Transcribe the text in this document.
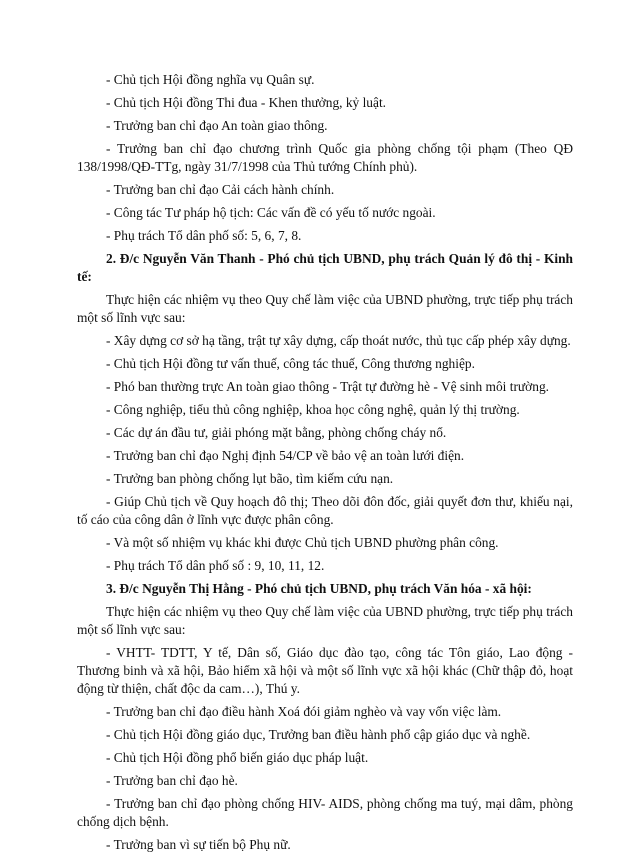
- Chủ tịch Hội đồng nghĩa vụ Quân sự.

- Chủ tịch Hội đồng Thi đua - Khen thưởng, kỷ luật.

- Trưởng ban chỉ đạo An toàn giao thông.

- Trưởng ban chỉ đạo chương trình Quốc gia phòng chống tội phạm (Theo QĐ 138/1998/QĐ-TTg, ngày 31/7/1998 của Thủ tướng Chính phủ).

- Trưởng ban chỉ đạo Cải cách hành chính.

- Công tác Tư pháp hộ tịch: Các vấn đề có yếu tố nước ngoài.

- Phụ trách Tổ dân phố số: 5, 6, 7, 8.

2. Đ/c Nguyễn Văn Thanh - Phó chủ tịch UBND, phụ trách Quản lý đô thị - Kinh tế:

Thực hiện các nhiệm vụ theo Quy chế làm việc của UBND phường, trực tiếp phụ trách một số lĩnh vực sau:

- Xây dựng cơ sở hạ tầng, trật tự xây dựng, cấp thoát nước, thủ tục cấp phép xây dựng.

- Chủ tịch Hội đồng tư vấn thuế, công tác thuế, Công thương nghiệp.

- Phó ban thường trực An toàn giao thông - Trật tự đường hè - Vệ sinh môi trường.

- Công nghiệp, tiểu thủ công nghiệp, khoa học công nghệ, quản lý thị trường.

- Các dự án đầu tư, giải phóng mặt bằng, phòng chống cháy nổ.

- Trưởng ban chỉ đạo Nghị định 54/CP về bảo vệ an toàn lưới điện.

- Trưởng ban phòng chống lụt bão, tìm kiếm cứu nạn.

- Giúp Chủ tịch về Quy hoạch đô thị; Theo dõi đôn đốc, giải quyết đơn thư, khiếu nại, tố cáo của công dân ở lĩnh vực được phân công.

- Và một số nhiệm vụ khác khi được Chủ tịch UBND phường phân công.

- Phụ trách Tổ dân phố số : 9, 10, 11, 12.

3. Đ/c Nguyễn Thị Hằng - Phó chủ tịch UBND, phụ trách Văn hóa - xã hội:

Thực hiện các nhiệm vụ theo Quy chế làm việc của UBND phường, trực tiếp phụ trách một số lĩnh vực sau:

- VHTT- TDTT, Y tế, Dân số, Giáo dục đào tạo, công tác Tôn giáo, Lao động - Thương binh và xã hội, Bảo hiểm xã hội và một số lĩnh vực xã hội khác (Chữ thập đỏ, hoạt động từ thiện, chất độc da cam…), Thú y.

- Trưởng ban chỉ đạo điều hành Xoá đói giảm nghèo và vay vốn việc làm.

- Chủ tịch Hội đồng giáo dục, Trưởng ban điều hành phổ cập giáo dục và nghề.

- Chủ tịch Hội đồng phổ biến giáo dục pháp luật.

- Trưởng ban chỉ đạo hè.

- Trưởng ban chỉ đạo phòng chống HIV- AIDS, phòng chống ma tuý, mại dâm, phòng chống dịch bệnh.

- Trưởng ban vì sự tiến bộ Phụ nữ.
